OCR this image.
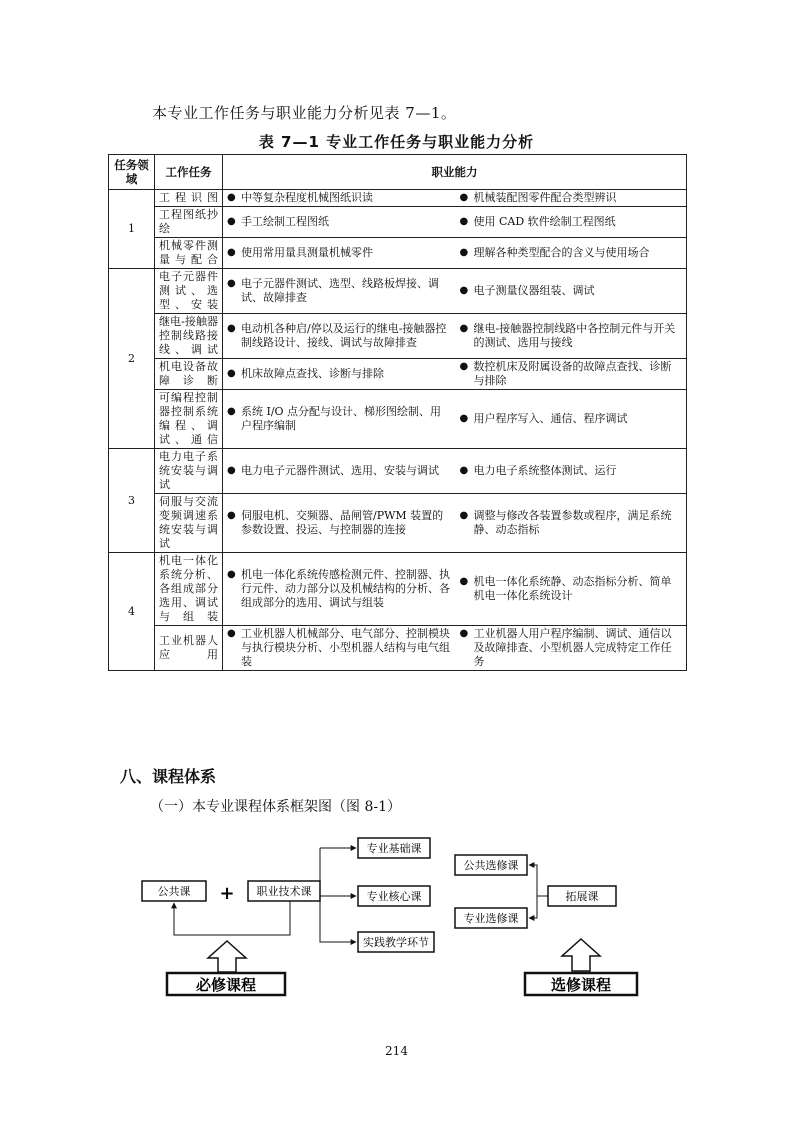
本专业工作任务与职业能力分析见表 7—1。
表 7—1 专业工作任务与职业能力分析
任务领域	工作任务	职业能力	
1	工程识图	● 中等复杂程度机械图纸识读	● 机械装配图零件配合类型辨识

	工程图纸抄绘	● 手工绘制工程图纸	● 使用 CAD 软件绘制工程图纸

	机械零件测量与配合	● 使用常用量具测量机械零件	● 理解各种类型配合的含义与使用场合

2	电子元器件测试、选型、安装	● 电子元器件测试、选型、线路板焊接、调试、故障排查	● 电子测量仪器组装、调试

	继电-接触器控制线路接线、调试	● 电动机各种启/停以及运行的继电-接触器控制线路设计、接线、调试与故障排查	● 继电-接触器控制线路中各控制元件与开关的测试、选用与接线

	机电设备故障诊断	● 机床故障点查找、诊断与排除	● 数控机床及附属设备的故障点查找、诊断与排除

	可编程控制器控制系统编程、调试、通信	● 系统 I/O 点分配与设计、梯形图绘制、用户程序编制	● 用户程序写入、通信、程序调试

3	电力电子系统安装与调试	● 电力电子元器件测试、选用、安装与调试	● 电力电子系统整体测试、运行

	伺服与交流变频调速系统安装与调试	● 伺服电机、交频器、晶闸管/PWM 装置的参数设置、投运、与控制器的连接	● 调整与修改各装置参数或程序，满足系统静、动态指标

4	机电一体化系统分析、各组成部分选用、调试与组装	● 机电一体化系统传感检测元件、控制器、执行元件、动力部分以及机械结构的分析、各组成部分的选用、调试与组装	● 机电一体化系统静、动态指标分析、简单机电一体化系统设计

	工业机器人应用	● 工业机器人机械部分、电气部分、控制模块与执行模块分析、小型机器人结构与电气组装	● 工业机器人用户程序编制、调试、通信以及故障排查、小型机器人完成特定工作任务
八、课程体系
（一）本专业课程体系框架图（图 8-1）
公共课 + 职业技术课
专业基础课
专业核心课
实践教学环节
必修课程
公共选修课
拓展课
专业选修课
选修课程
214
